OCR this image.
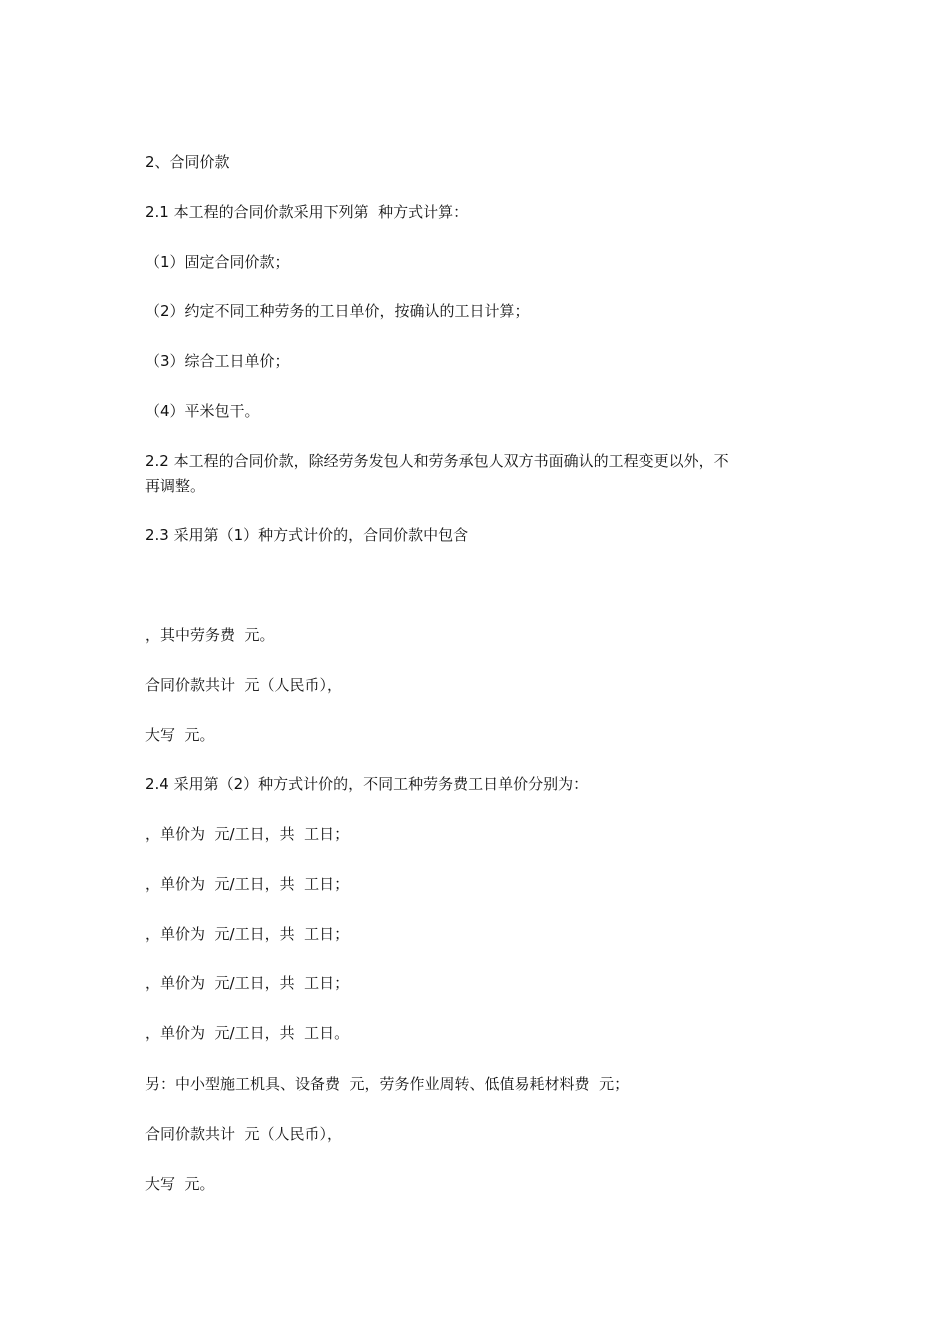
2、合同价款

2.1 本工程的合同价款采用下列第  种方式计算：

（1）固定合同价款；

（2）约定不同工种劳务的工日单价，按确认的工日计算；

（3）综合工日单价；

（4）平米包干。

2.2 本工程的合同价款，除经劳务发包人和劳务承包人双方书面确认的工程变更以外，不

再调整。

2.3 采用第（1）种方式计价的，合同价款中包含

，其中劳务费  元。

合同价款共计  元（人民币），

大写  元。

2.4 采用第（2）种方式计价的，不同工种劳务费工日单价分别为：

，单价为  元/工日，共  工日；

，单价为  元/工日，共  工日；

，单价为  元/工日，共  工日；

，单价为  元/工日，共  工日；

，单价为  元/工日，共  工日。

另：中小型施工机具、设备费  元，劳务作业周转、低值易耗材料费  元；

合同价款共计  元（人民币），

大写  元。
